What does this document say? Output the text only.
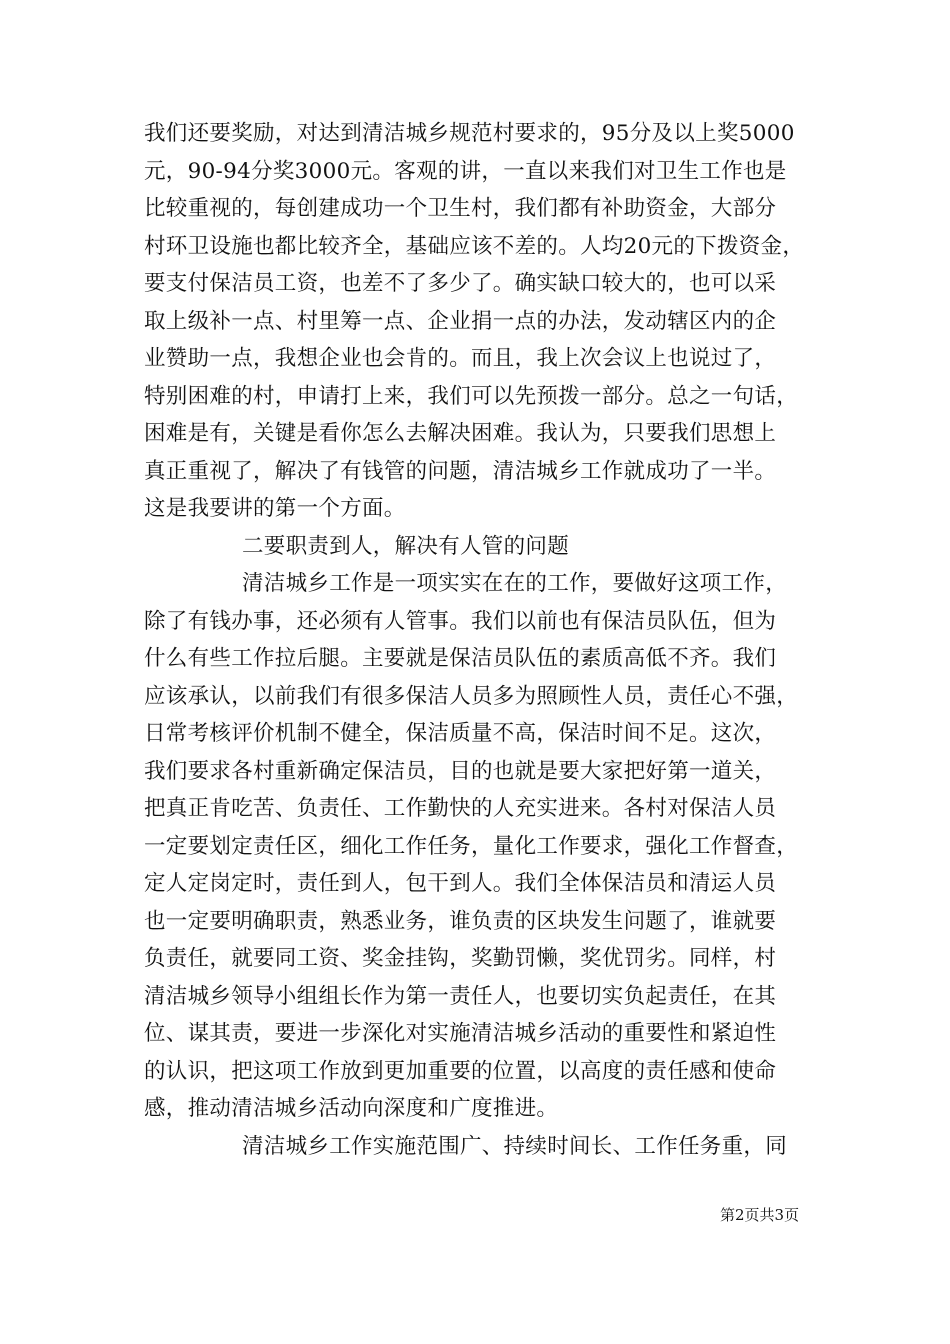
我们还要奖励，对达到清洁城乡规范村要求的，95分及以上奖5000
元，90-94分奖3000元。客观的讲，一直以来我们对卫生工作也是
比较重视的，每创建成功一个卫生村，我们都有补助资金，大部分
村环卫设施也都比较齐全，基础应该不差的。人均20元的下拨资金，
要支付保洁员工资，也差不了多少了。确实缺口较大的，也可以采
取上级补一点、村里筹一点、企业捐一点的办法，发动辖区内的企
业赞助一点，我想企业也会肯的。而且，我上次会议上也说过了，
特别困难的村，申请打上来，我们可以先预拨一部分。总之一句话，
困难是有，关键是看你怎么去解决困难。我认为，只要我们思想上
真正重视了，解决了有钱管的问题，清洁城乡工作就成功了一半。
这是我要讲的第一个方面。
二要职责到人，解决有人管的问题
清洁城乡工作是一项实实在在的工作，要做好这项工作，
除了有钱办事，还必须有人管事。我们以前也有保洁员队伍，但为
什么有些工作拉后腿。主要就是保洁员队伍的素质高低不齐。我们
应该承认，以前我们有很多保洁人员多为照顾性人员，责任心不强，
日常考核评价机制不健全，保洁质量不高，保洁时间不足。这次，
我们要求各村重新确定保洁员，目的也就是要大家把好第一道关，
把真正肯吃苦、负责任、工作勤快的人充实进来。各村对保洁人员
一定要划定责任区，细化工作任务，量化工作要求，强化工作督查，
定人定岗定时，责任到人，包干到人。我们全体保洁员和清运人员
也一定要明确职责，熟悉业务，谁负责的区块发生问题了，谁就要
负责任，就要同工资、奖金挂钩，奖勤罚懒，奖优罚劣。同样，村
清洁城乡领导小组组长作为第一责任人，也要切实负起责任，在其
位、谋其责，要进一步深化对实施清洁城乡活动的重要性和紧迫性
的认识，把这项工作放到更加重要的位置，以高度的责任感和使命
感，推动清洁城乡活动向深度和广度推进。
清洁城乡工作实施范围广、持续时间长、工作任务重，同
第2页共3页
